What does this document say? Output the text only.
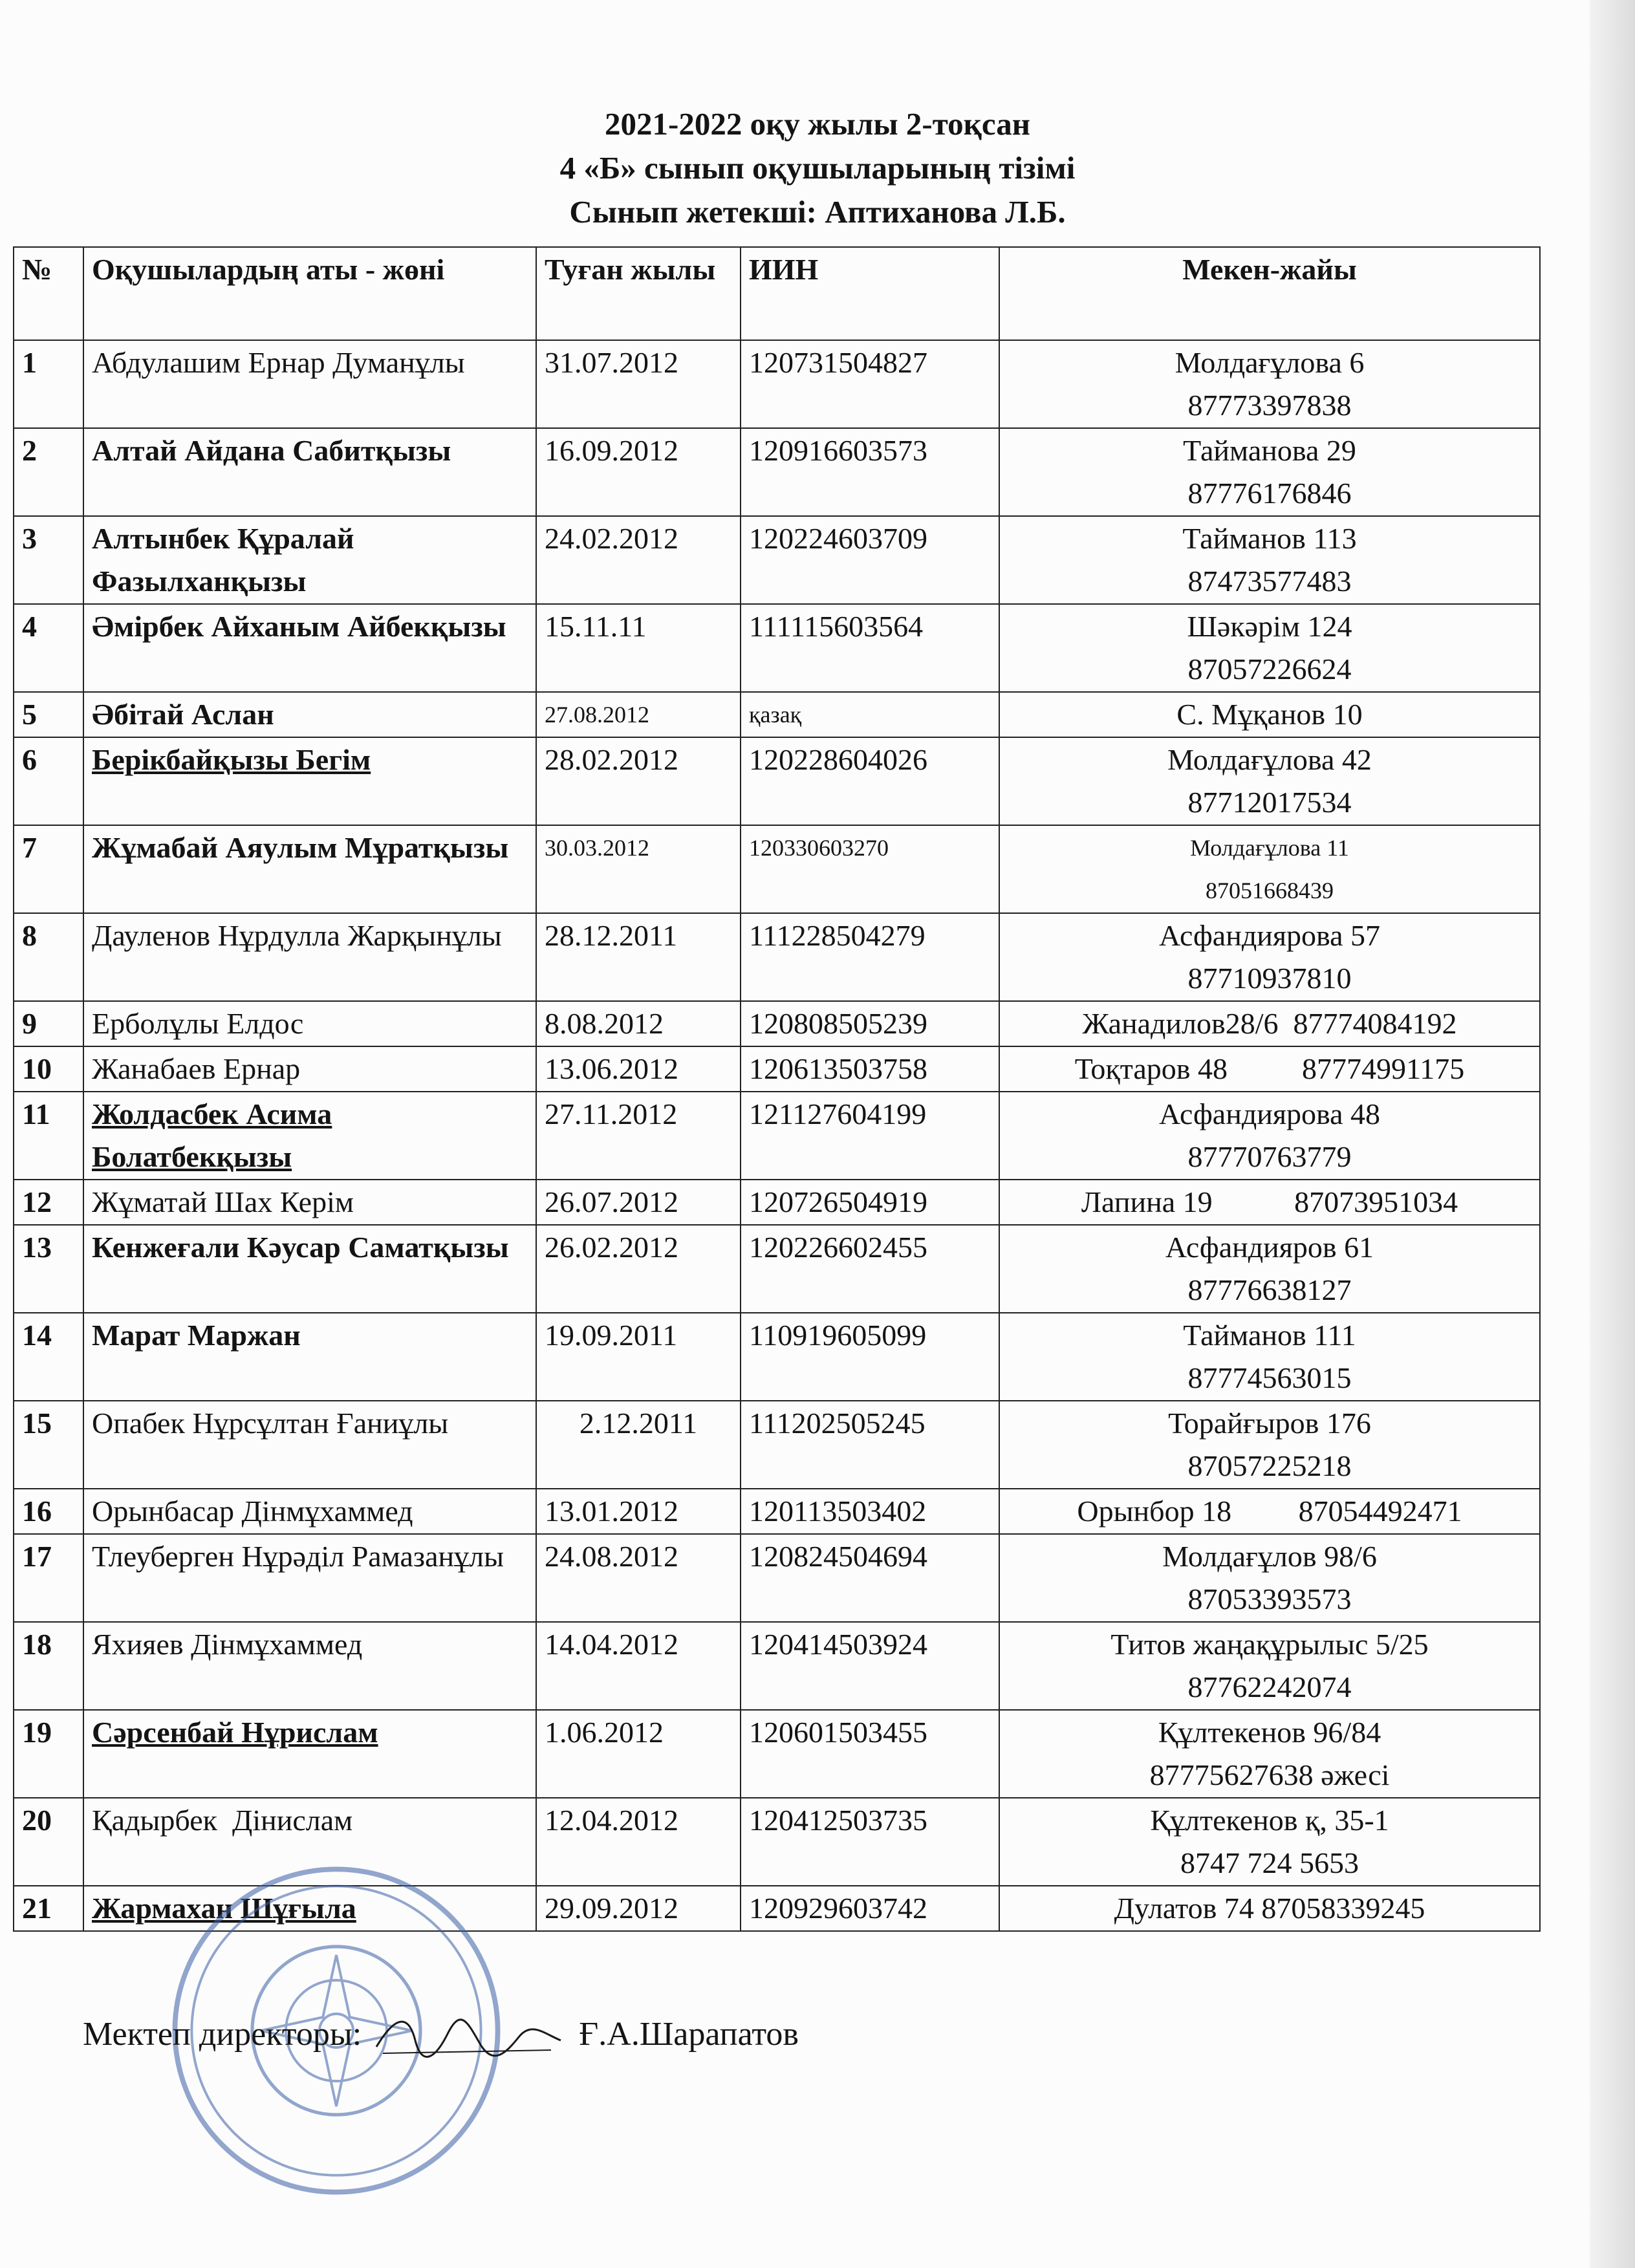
2021-2022 оқу жылы 2-тоқсан
4 «Б» сынып оқушыларының тізімі
Сынып жетекші: Аптиханова Л.Б.
№	Оқушылардың аты - жөні	Туған жылы	ИИН	Мекен-жайы
1	Абдулашим Ернар Думанұлы	31.07.2012	120731504827	Молдағұлова 6
87773397838
2	Алтай Айдана Сабитқызы	16.09.2012	120916603573	Тайманова 29
87776176846
3	Алтынбек Құралай Фазылханқызы	24.02.2012	120224603709	Тайманов 113
87473577483
4	Әмірбек Айханым Айбекқызы	15.11.11	111115603564	Шәкәрім 124
87057226624
5	Әбітай Аслан	27.08.2012	қазақ	С. Мұқанов 10
6	Берікбайқызы Бегім	28.02.2012	120228604026	Молдағұлова 42
87712017534
7	Жұмабай Аяулым Мұратқызы	30.03.2012	120330603270	Молдағұлова 11
87051668439
8	Дауленов Нұрдулла Жарқынұлы	28.12.2011	111228504279	Асфандиярова 57
87710937810
9	Ерболұлы Елдос	8.08.2012	120808505239	Жанадилов28/6  87774084192
10	Жанабаев Ернар	13.06.2012	120613503758	Тоқтаров 48          87774991175
11	Жолдасбек Асима Болатбекқызы	27.11.2012	121127604199	Асфандиярова 48
87770763779
12	Жұматай Шах Керім	26.07.2012	120726504919	Лапина 19           87073951034
13	Кенжеғали Кәусар Саматқызы	26.02.2012	120226602455	Асфандияров 61
87776638127
14	Марат Маржан	19.09.2011	110919605099	Тайманов 111
87774563015
15	Опабек Нұрсұлтан Ғаниұлы	2.12.2011	111202505245	Торайғыров 176
87057225218
16	Орынбасар Дінмұхаммед	13.01.2012	120113503402	Орынбор 18         87054492471
17	Тлеуберген Нұрәділ Рамазанұлы	24.08.2012	120824504694	Молдағұлов 98/6
87053393573
18	Яхияев Дінмұхаммед	14.04.2012	120414503924	Титов жаңақұрылыс 5/25
87762242074
19	Сәрсенбай Нұрислам	1.06.2012	120601503455	Құлтекенов 96/84
87775627638 әжесі
20	Қадырбек  Дінислам	12.04.2012	120412503735	Құлтекенов қ, 35-1
8747 724 5653
21	Жармахан Шұғыла	29.09.2012	120929603742	Дулатов 74 87058339245
Мектеп директоры:	Ғ.А.Шарапатов
